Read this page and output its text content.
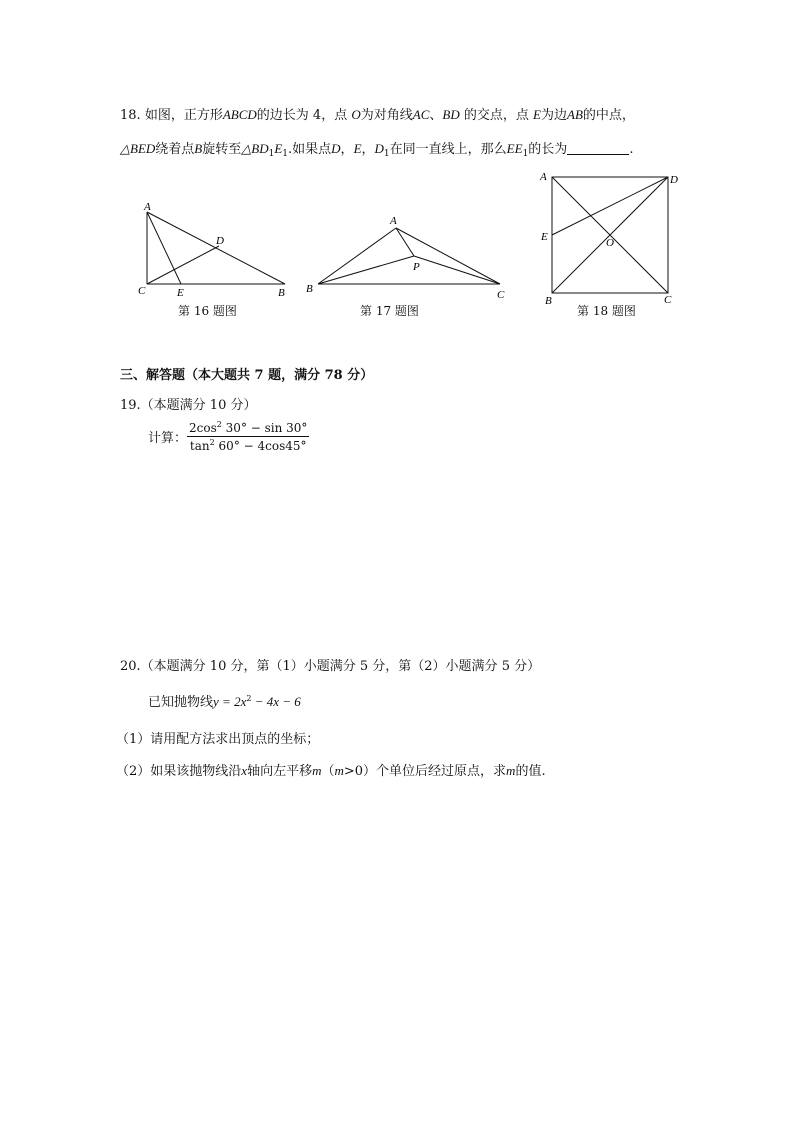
18. 如图，正方形ABCD的边长为 4，点 O为对角线AC、BD 的交点，点 E为边AB的中点，
△BED绕着点B旋转至$\triangle BD_1E_1$.如果点D，E，$D_1$在同一直线上，那么$EE_1$的长为	.
A
D
C	E	B
第 16 题图
A
P
B	C
第 17 题图
A	D
E	O
B	C
第 18 题图
三、解答题（本大题共 7 题，满分 78 分）
19.（本题满分 10 分）
计算： $\frac{2\cos^2 30^\circ - \sin 30^\circ}{\tan^2 60^\circ - 4\cos 45^\circ}$
20.（本题满分 10 分，第（1）小题满分 5 分，第（2）小题满分 5 分）
已知抛物线$y = 2x^2 - 4x - 6$
（1）请用配方法求出顶点的坐标；
（2）如果该抛物线沿x轴向左平移m（m>0）个单位后经过原点，求m的值.
